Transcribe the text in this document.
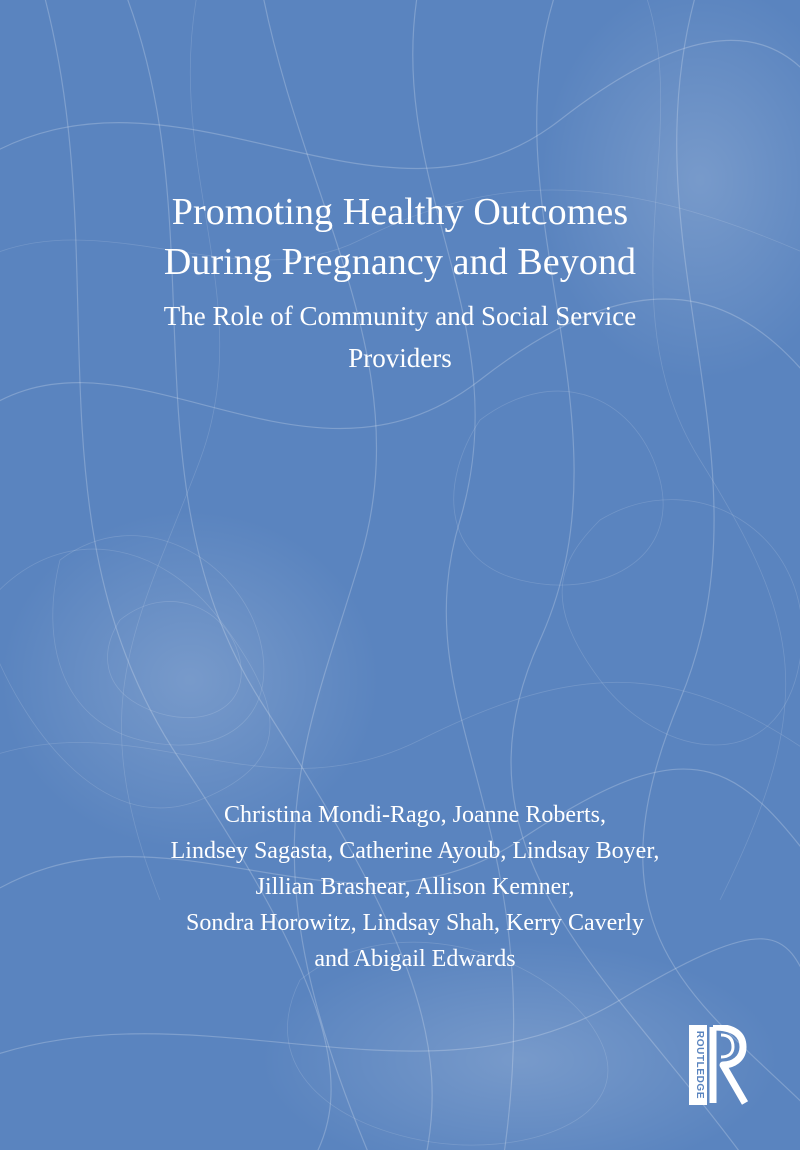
Promoting Healthy Outcomes

During Pregnancy and Beyond

The Role of Community and Social Service

Providers

Christina Mondi-Rago, Joanne Roberts,

Lindsey Sagasta, Catherine Ayoub, Lindsay Boyer,

Jillian Brashear, Allison Kemner,

Sondra Horowitz, Lindsay Shah, Kerry Caverly

and Abigail Edwards

ROUTLEDGE
